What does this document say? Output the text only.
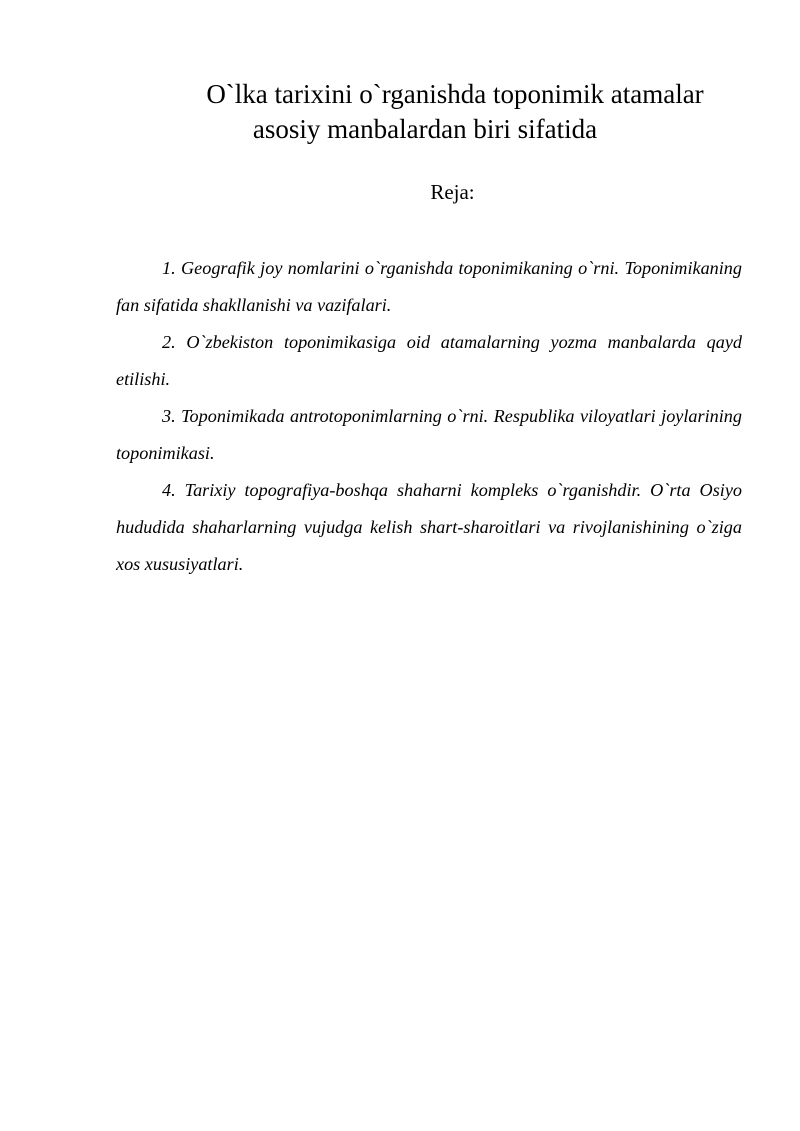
O`lka tarixini o`rganishda toponimik atamalar
asosiy manbalardan biri sifatida

Reja:

1. Geografik joy nomlarini o`rganishda toponimikaning o`rni. Toponimikaning fan sifatida shakllanishi va vazifalari.
2. O`zbekiston toponimikasiga oid atamalarning yozma manbalarda qayd etilishi.
3. Toponimikada antrotoponimlarning o`rni. Respublika viloyatlari joylarining toponimikasi.
4. Tarixiy topografiya-boshqa shaharni kompleks o`rganishdir. O`rta Osiyo hududida shaharlarning vujudga kelish shart-sharoitlari va rivojlanishining o`ziga xos xususiyatlari.
